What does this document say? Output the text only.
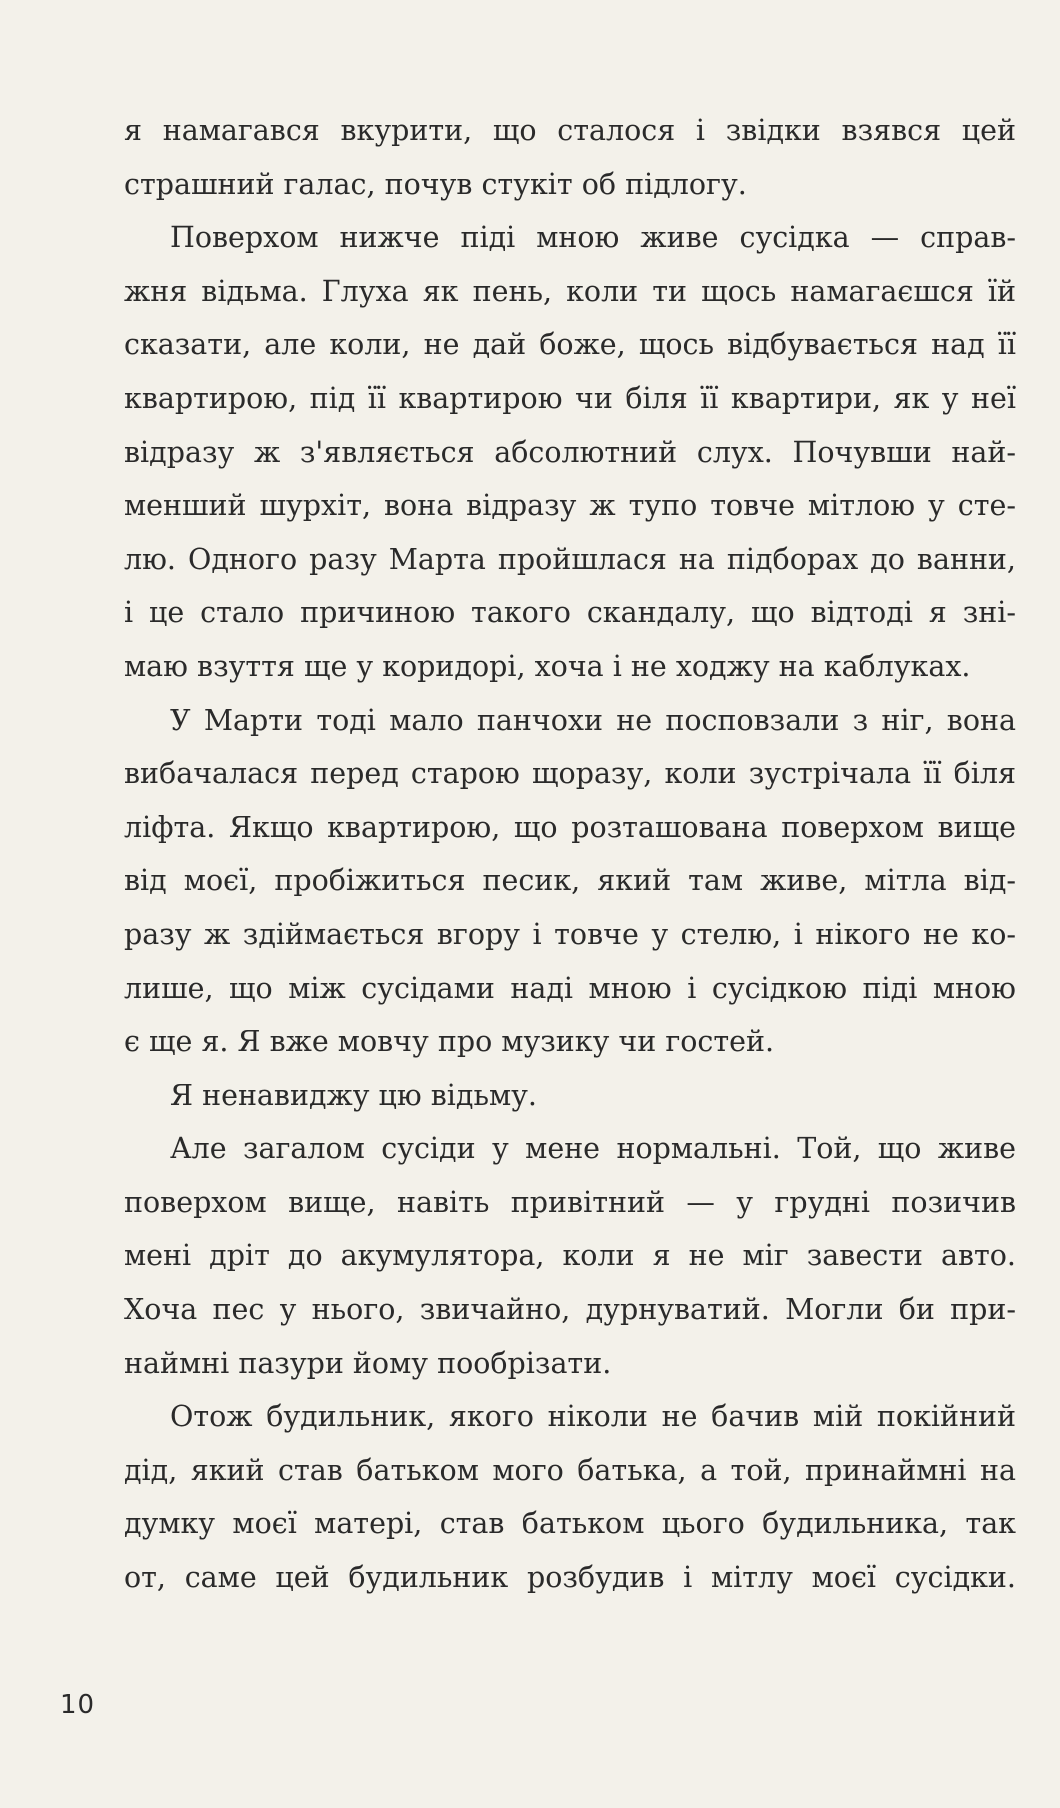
я намагався вкурити, що сталося і звідки взявся цей
страшний галас, почув стукіт об підлогу.
Поверхом нижче піді мною живе сусідка — справ-
жня відьма. Глуха як пень, коли ти щось намагаєшся їй
сказати, але коли, не дай боже, щось відбувається над її
квартирою, під її квартирою чи біля її квартири, як у неї
відразу ж з'являється абсолютний слух. Почувши най-
менший шурхіт, вона відразу ж тупо товче мітлою у сте-
лю. Одного разу Марта пройшлася на підборах до ванни,
і це стало причиною такого скандалу, що відтоді я зні-
маю взуття ще у коридорі, хоча і не ходжу на каблуках.
У Марти тоді мало панчохи не посповзали з ніг, вона
вибачалася перед старою щоразу, коли зустрічала її біля
ліфта. Якщо квартирою, що розташована поверхом вище
від моєї, пробіжиться песик, який там живе, мітла від-
разу ж здіймається вгору і товче у стелю, і нікого не ко-
лише, що між сусідами наді мною і сусідкою піді мною
є ще я. Я вже мовчу про музику чи гостей.
Я ненавиджу цю відьму.
Але загалом сусіди у мене нормальні. Той, що живе
поверхом вище, навіть привітний — у грудні позичив
мені дріт до акумулятора, коли я не міг завести авто.
Хоча пес у нього, звичайно, дурнуватий. Могли би при-
наймні пазури йому пообрізати.
Отож будильник, якого ніколи не бачив мій покійний
дід, який став батьком мого батька, а той, принаймні на
думку моєї матері, став батьком цього будильника, так
от, саме цей будильник розбудив і мітлу моєї сусідки.
10
